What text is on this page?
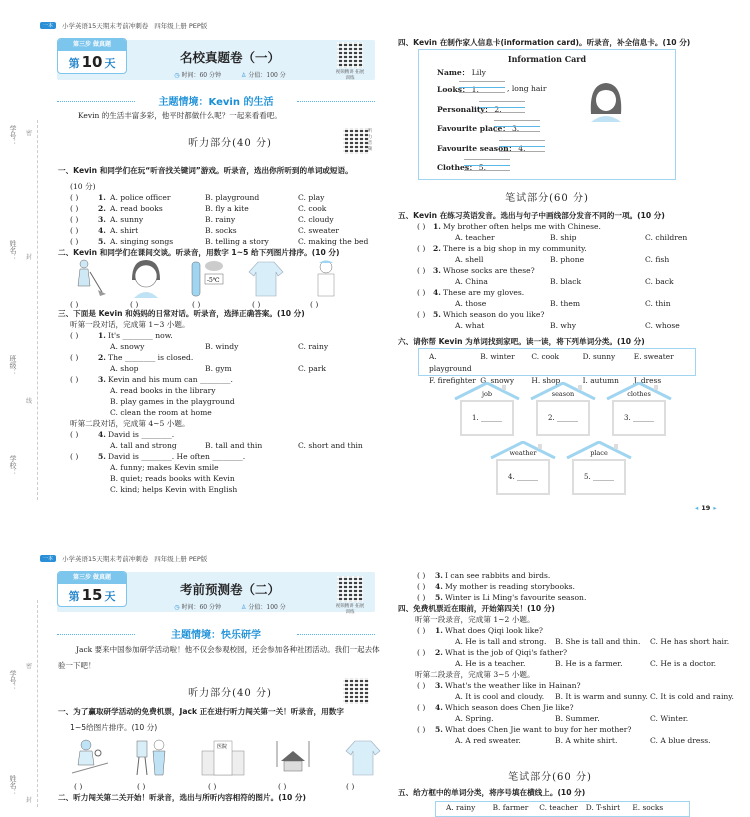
学号：
姓名：
班级：
学校：
密
封
线
一本	小学英语15天期末考前冲刺卷 四年级上册 PEP版
第三步 做真题
第 10 天	名校真题卷（一）
◷ 时间：60 分钟	♙ 分值：100 分	视频精讲 拓展训练
主题情境：Kevin 的生活
Kevin 的生活丰富多彩，他平时都做什么呢？一起来看看吧。
听力部分(40 分)
听力音频
一、Kevin 和同学们在玩“听音找关键词”游戏。听录音，选出你所听到的单词或短语。
(10 分)
( )	1. A. police officer	B. playground	C. play
( )	2. A. read books	B. fly a kite	C. cook
( )	3. A. sunny	B. rainy	C. cloudy
( )	4. A. shirt	B. socks	C. sweater
( )	5. A. singing songs	B. telling a story	C. making the bed
二、Kevin 和同学们在课间交谈。听录音，用数字 1~5 给下列图片排序。(10 分)
-5℃
( )	( )	( )	( )	( )
三、下面是 Kevin 和妈妈的日常对话。听录音，选择正确答案。(10 分)
听第一段对话，完成第 1~3 小题。
( )	1. It's ________ now.
A. snowy	B. windy	C. rainy
( )	2. The ________ is closed.
A. shop	B. gym	C. park
( )	3. Kevin and his mum can ________.
A. read books in the library
B. play games in the playground
C. clean the room at home
听第二段对话，完成第 4~5 小题。
( )	4. David is ________.
A. tall and strong	B. tall and thin	C. short and thin
( )	5. David is ________. He often ________.
A. funny; makes Kevin smile
B. quiet; reads books with Kevin
C. kind; helps Kevin with English
四、Kevin 在制作家人信息卡(information card)。听录音，补全信息卡。(10 分)
Information Card
Name： Lily
Looks： 1.	, long hair
Personality： 2.
Favourite place： 3.
Favourite season： 4.
Clothes： 5.
笔试部分(60 分)
五、Kevin 在练习英语发音。选出与句子中画线部分发音不同的一项。(10 分)
( )	1. My brother often helps me with Chinese.
A. teacher	B. ship	C. children
( )	2. There is a big shop in my community.
A. shell	B. phone	C. fish
( )	3. Whose socks are these?
A. China	B. black	C. back
( )	4. These are my gloves.
A. those	B. them	C. thin
( )	5. Which season do you like?
A. what	B. why	C. whose
六、请你帮 Kevin 为单词找到家吧。读一读，将下列单词分类。(10 分)
A. playground
B. winter	C. cook	D. sunny	E. sweater
F. firefighter G. snowy	H. shop	I. autumn	J. dress
job
1. ______
season
2. ______
clothes
3. ______
weather
4. ______
place
5. ______
◂ 19 ▸
学号：
姓名：
密
封
一本	小学英语15天期末考前冲刺卷 四年级上册 PEP版
第三步 做真题
第 15 天	考前预测卷（二）
◷ 时间：60 分钟	♙ 分值：100 分	视频精讲 拓展训练
主题情境：快乐研学
Jack 要来中国参加研学活动啦！他不仅会参观校园，还会参加各种社团活动。我们一起去体验一下吧！
听力部分(40 分)
一、为了赢取研学活动的免费机票，Jack 正在进行听力闯关第一关！听录音，用数字
1~5给图片排序。(10 分)
医院
( )	( )	( )	( )	( )
二、听力闯关第二关开始！听录音，选出与所听内容相符的图片。(10 分)
( )	3. I can see rabbits and birds.
( )	4. My mother is reading storybooks.
( )	5. Winter is Li Ming's favourite season.
四、免费机票近在眼前，开始第四关！(10 分)
听第一段录音，完成第 1~2 小题。
( )	1. What does Qiqi look like?
A. He is tall and strong. B. She is tall and thin. C. He has short hair.
( )	2. What is the job of Qiqi's father?
A. He is a teacher.	B. He is a farmer.	C. He is a doctor.
听第二段录音，完成第 3~5 小题。
( )	3. What's the weather like in Hainan?
A. It is cool and cloudy. B. It is warm and sunny. C. It is cold and rainy.
( )	4. Which season does Chen Jie like?
A. Spring.	B. Summer.	C. Winter.
( )	5. What does Chen Jie want to buy for her mother?
A. A red sweater.	B. A white shirt.	C. A blue dress.
笔试部分(60 分)
五、给方框中的单词分类，将序号填在横线上。(10 分)
A. rainy	B. farmer	C. teacher	D. T-shirt	E. socks
